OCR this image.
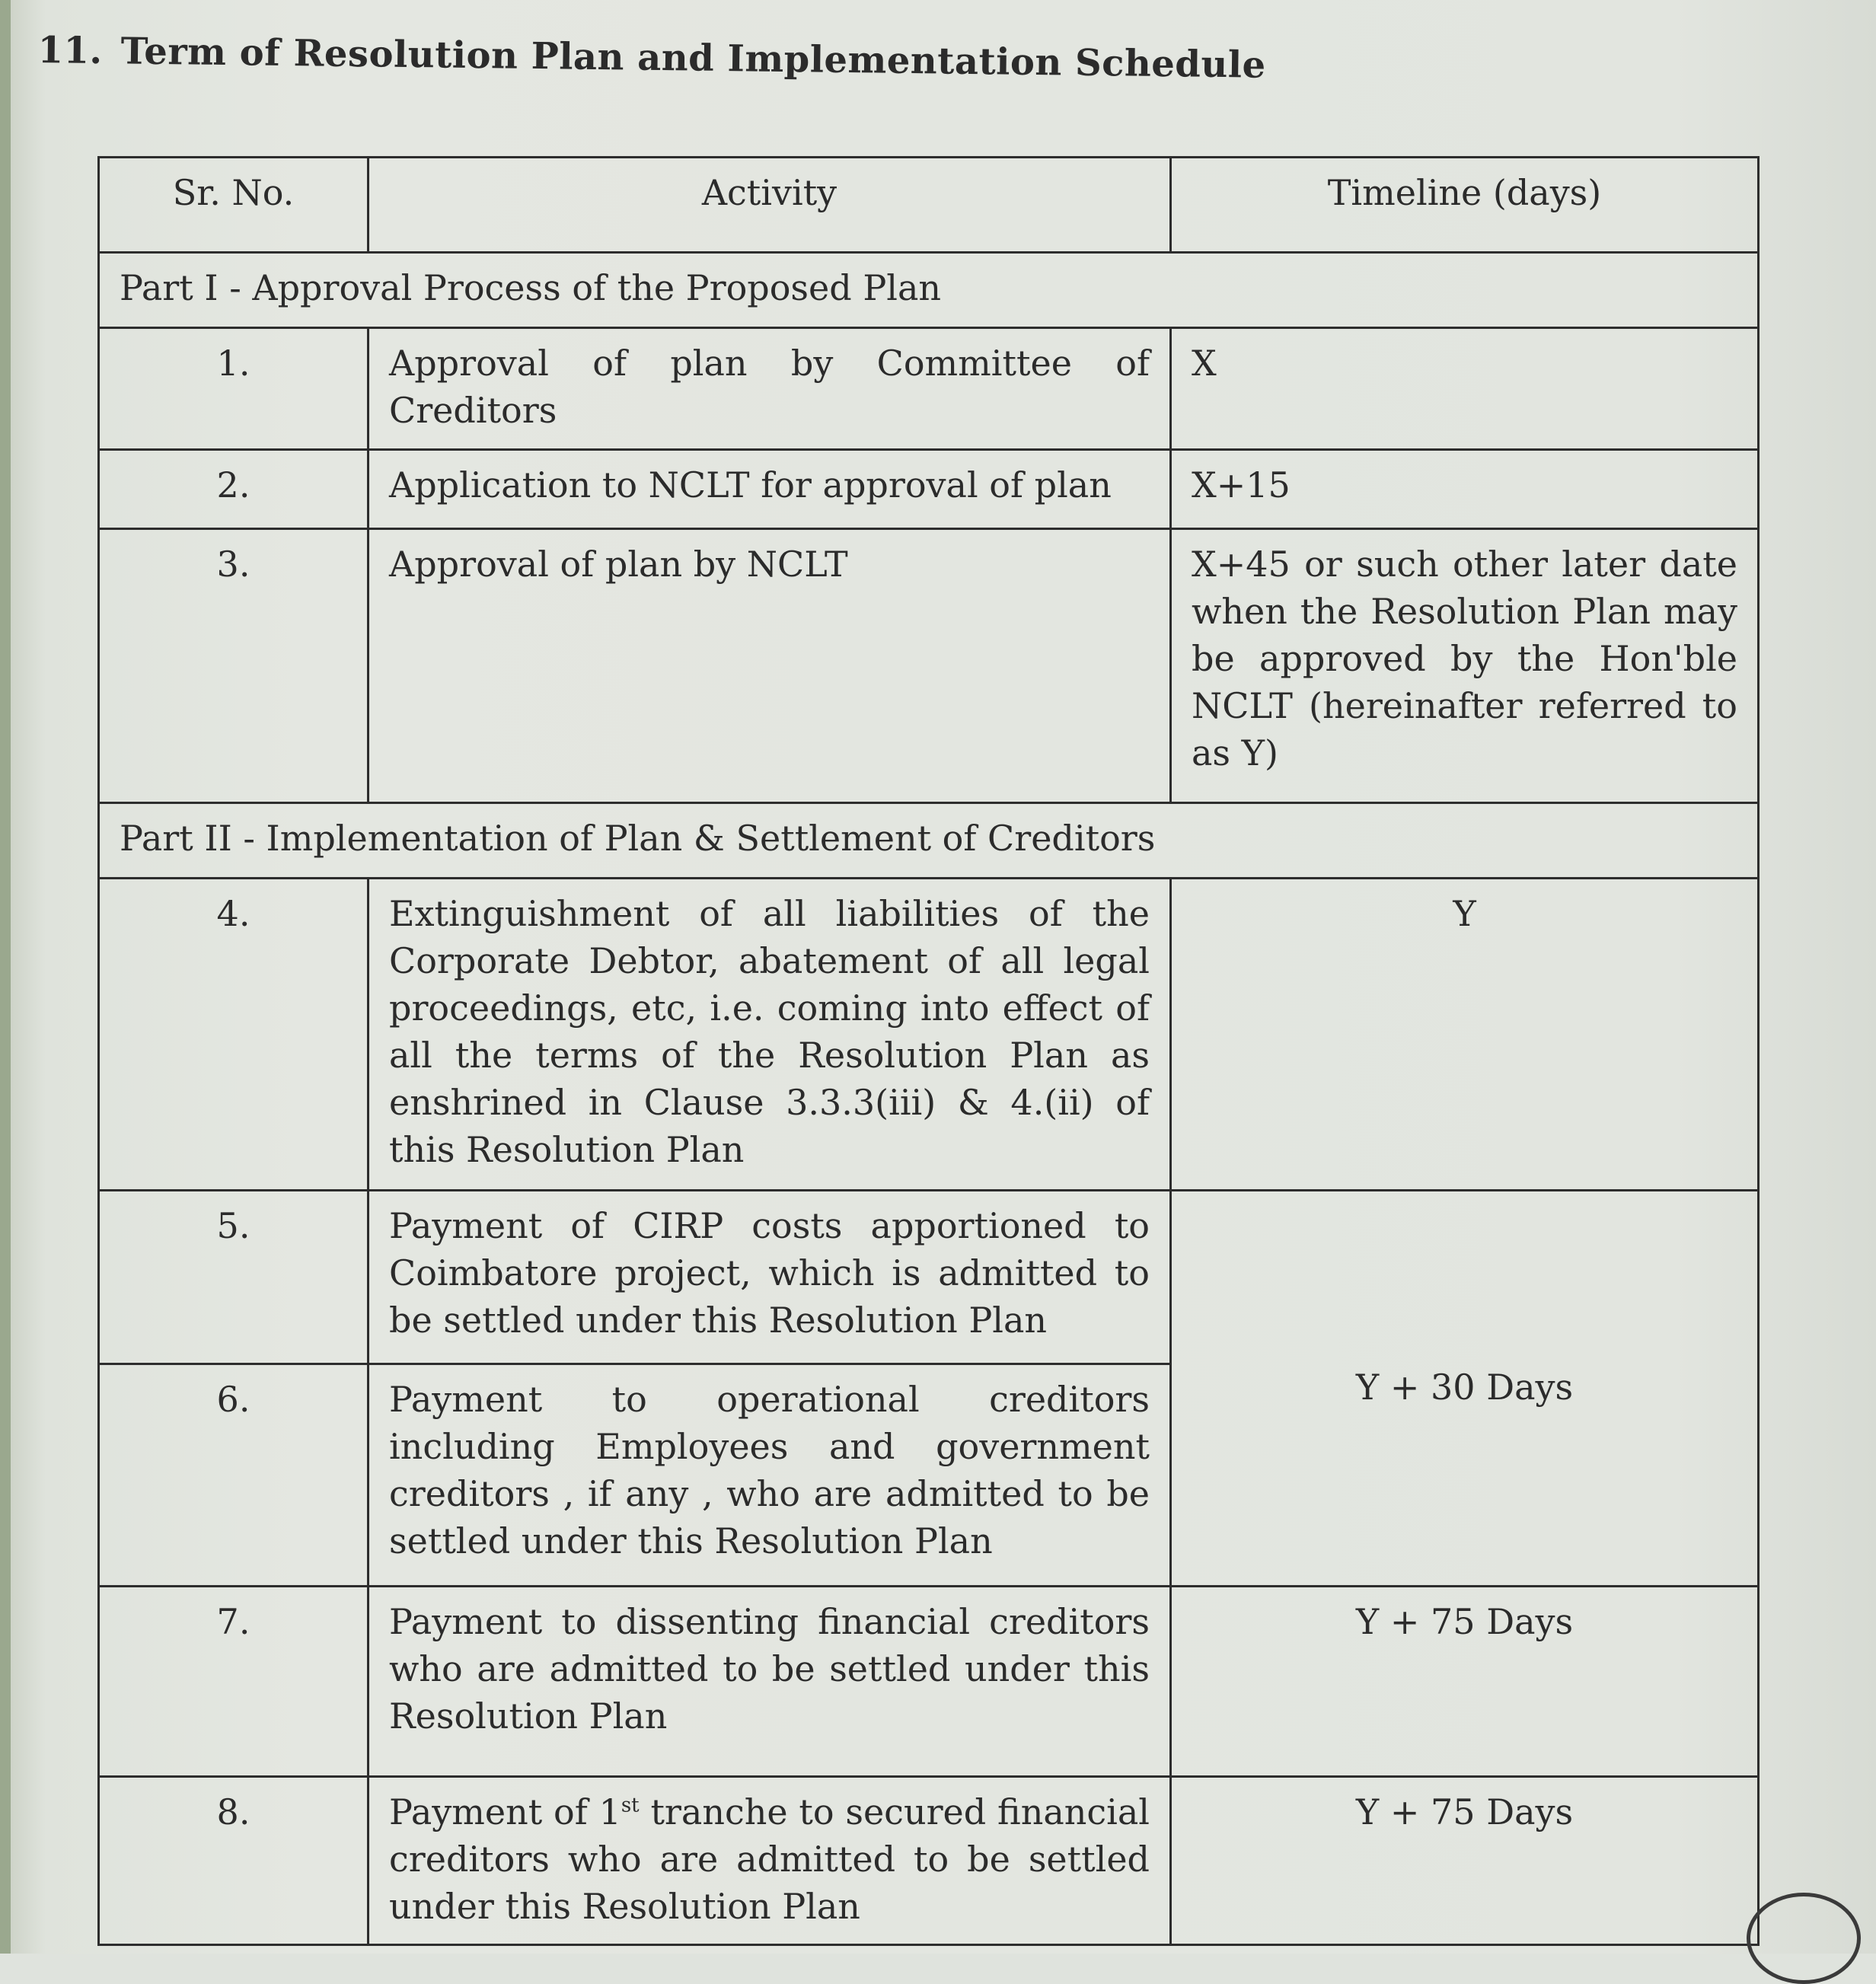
11. Term of Resolution Plan and Implementation Schedule
Sr. No.	Activity	Timeline (days)
Part I - Approval Process of the Proposed Plan		
1.	Approval of plan by Committee of Creditors	X
2.	Application to NCLT for approval of plan	X+15
3.	Approval of plan by NCLT	X+45 or such other later date when the Resolution Plan may be approved by the Hon'ble NCLT (hereinafter referred to as Y)
Part II - Implementation of Plan & Settlement of Creditors		
4.	Extinguishment of all liabilities of the Corporate Debtor, abatement of all legal proceedings, etc, i.e. coming into effect of all the terms of the Resolution Plan as enshrined in Clause 3.3.3(iii) & 4.(ii) of this Resolution Plan	Y
5.	Payment of CIRP costs apportioned to Coimbatore project, which is admitted to be settled under this Resolution Plan	Y + 30 Days
6.	Payment to operational creditors including Employees and government creditors , if any , who are admitted to be settled under this Resolution Plan	
7.	Payment to dissenting financial creditors who are admitted to be settled under this Resolution Plan	Y + 75 Days
8.	Payment of 1st tranche to secured financial creditors who are admitted to be settled under this Resolution Plan	Y + 75 Days
